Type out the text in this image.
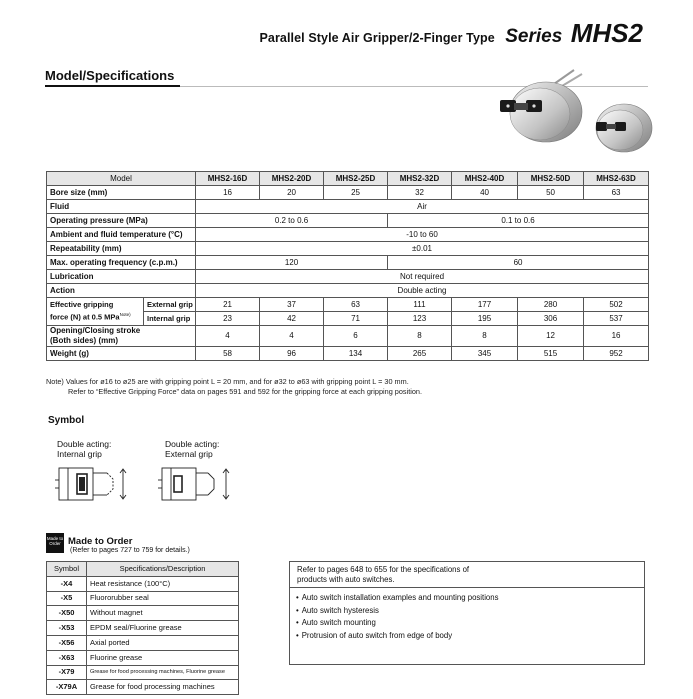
Parallel Style Air Gripper/2-Finger Type Series MHS2
Model/Specifications
Model		MHS2-16D	MHS2-20D	MHS2-25D	MHS2-32D	MHS2-40D	MHS2-50D	MHS2-63D
Bore size (mm)		16	20	25	32	40	50	63
Fluid		Air						
Operating pressure (MPa)		0.2 to 0.6			0.1 to 0.6			
Ambient and fluid temperature (°C)		-10 to 60						
Repeatability (mm)		±0.01						
Max. operating frequency (c.p.m.)		120			60			
Lubrication		Not required						
Action		Double acting						
Effective gripping
force (N) at 0.5 MPa$^{Note)}$	External grip	21	37	63	111	177	280	502
	Internal grip	23	42	71	123	195	306	537
Opening/Closing stroke
(Both sides) (mm)		4	4	6	8	8	12	16
Weight (g)		58	96	134	265	345	515	952
Note) Values for ø16 to ø25 are with gripping point L = 20 mm, and for ø32 to ø63 with gripping point L = 30 mm.
Refer to “Effective Gripping Force” data on pages 591 and 592 for the gripping force at each gripping position.
Symbol
Double acting:
Internal grip
Double acting:
External grip
Made to
Order Made to Order
(Refer to pages 727 to 759 for details.)
Symbol	Specifications/Description
-X4	Heat resistance (100°C)
-X5	Fluororubber seal
-X50	Without magnet
-X53	EPDM seal/Fluorine grease
-X56	Axial ported
-X63	Fluorine grease
-X79	Grease for food processing machines, Fluorine grease
-X79A	Grease for food processing machines
Refer to pages 648 to 655 for the specifications of
products with auto switches.
• Auto switch installation examples and mounting positions
• Auto switch hysteresis
• Auto switch mounting
• Protrusion of auto switch from edge of body
